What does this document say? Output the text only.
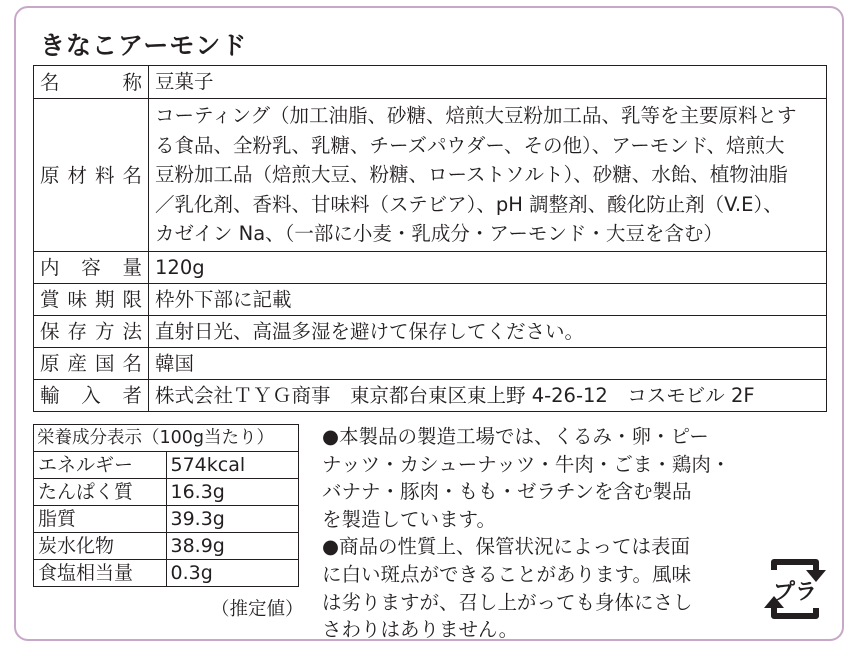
きなこアーモンド
名称	豆菓子

原材料名	コーティング（加工油脂、砂糖、焙煎大豆粉加工品、乳等を主要原料とす
る食品、全粉乳、乳糖、チーズパウダー、その他）、アーモンド、焙煎大
豆粉加工品（焙煎大豆、粉糖、ローストソルト）、砂糖、水飴、植物油脂
／乳化剤、香料、甘味料（ステビア）、pH 調整剤、酸化防止剤（V.E）、
カゼイン Na、（一部に小麦・乳成分・アーモンド・大豆を含む）

内容量	120g

賞味期限	枠外下部に記載

保存方法	直射日光、高温多湿を避けて保存してください。

原産国名	韓国

輸入者	株式会社ＴＹＧ商事　東京都台東区東上野 4-26-12　コスモビル 2F
栄養成分表示（100g当たり）	
エネルギー	574kcal
たんぱく質	16.3g
脂質	39.3g
炭水化物	38.9g
食塩相当量	0.3g
（推定値）
●本製品の製造工場では、くるみ・卵・ピー
ナッツ・カシューナッツ・牛肉・ごま・鶏肉・
バナナ・豚肉・もも・ゼラチンを含む製品
を製造しています。
●商品の性質上、保管状況によっては表面
に白い斑点ができることがあります。風味
は劣りますが、召し上がっても身体にさし
さわりはありません。
プラ
